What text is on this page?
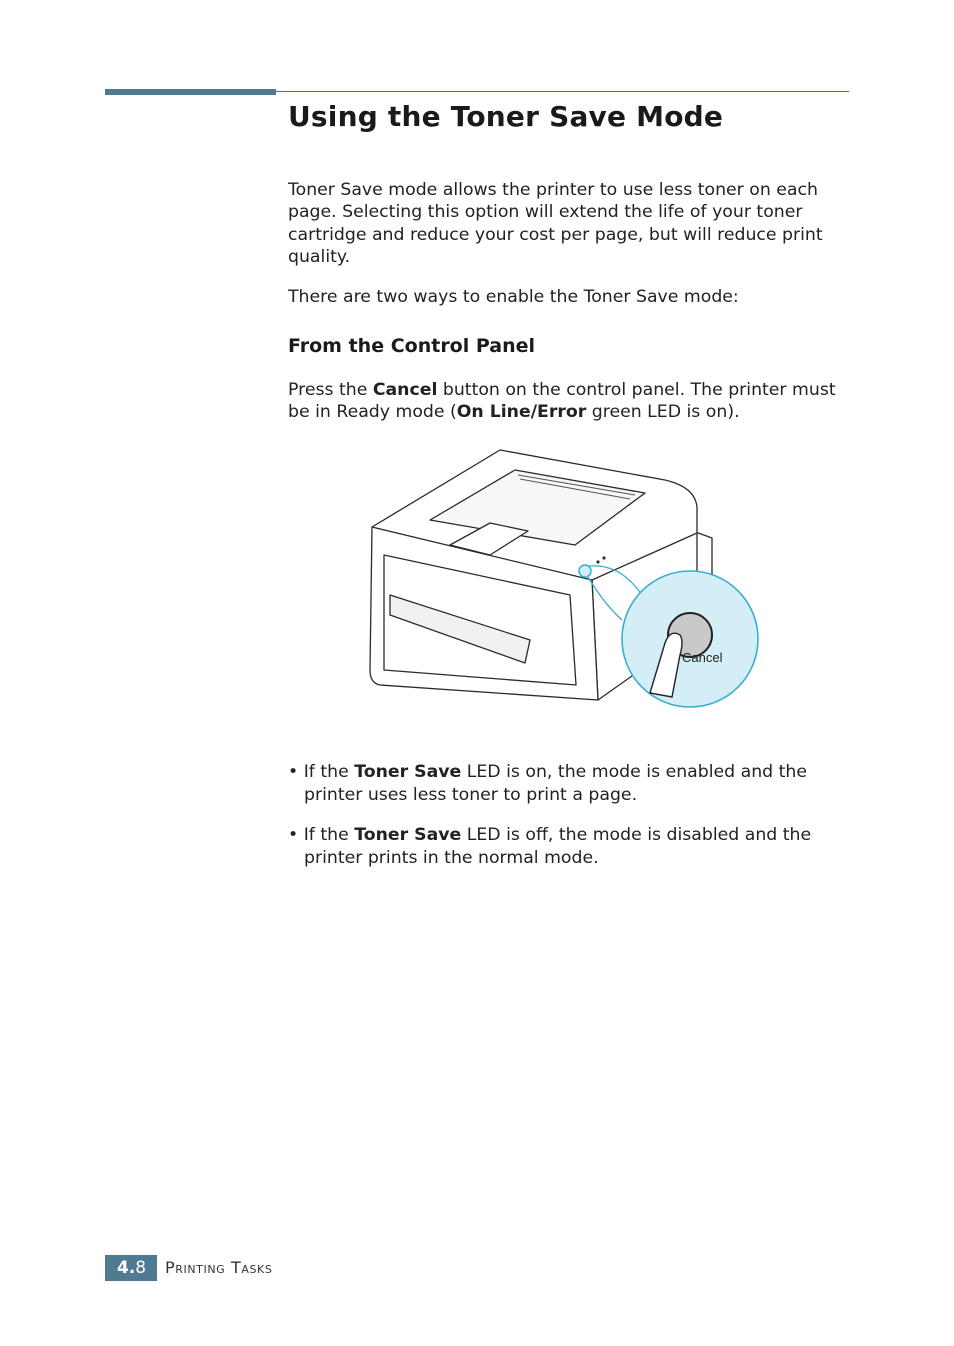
Using the Toner Save Mode

Toner Save mode allows the printer to use less toner on each page. Selecting this option will extend the life of your toner cartridge and reduce your cost per page, but will reduce print quality.

There are two ways to enable the Toner Save mode:

From the Control Panel

Press the Cancel button on the control panel. The printer must be in Ready mode (On Line/Error green LED is on).

Cancel

• If the Toner Save LED is on, the mode is enabled and the printer uses less toner to print a page.

• If the Toner Save LED is off, the mode is disabled and the printer prints in the normal mode.

4.8	Printing Tasks
